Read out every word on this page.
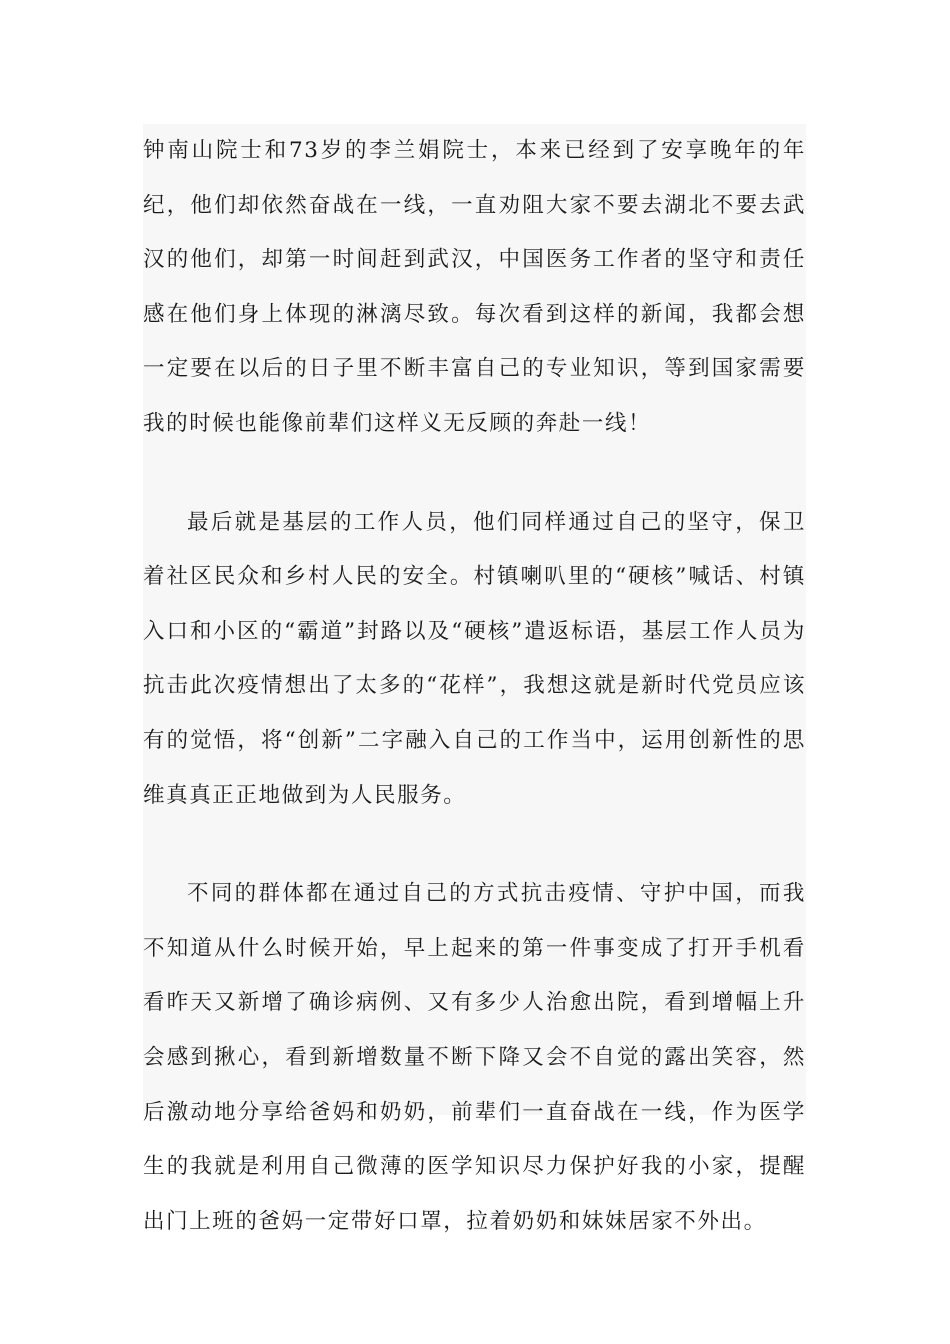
钟南山院士和73岁的李兰娟院士，本来已经到了安享晚年的年纪，他们却依然奋战在一线，一直劝阻大家不要去湖北不要去武汉的他们，却第一时间赶到武汉，中国医务工作者的坚守和责任感在他们身上体现的淋漓尽致。每次看到这样的新闻，我都会想一定要在以后的日子里不断丰富自己的专业知识，等到国家需要我的时候也能像前辈们这样义无反顾的奔赴一线！

最后就是基层的工作人员，他们同样通过自己的坚守，保卫着社区民众和乡村人民的安全。村镇喇叭里的“硬核”喊话、村镇入口和小区的“霸道”封路以及“硬核”遣返标语，基层工作人员为抗击此次疫情想出了太多的“花样”，我想这就是新时代党员应该有的觉悟，将“创新”二字融入自己的工作当中，运用创新性的思维真真正正地做到为人民服务。

不同的群体都在通过自己的方式抗击疫情、守护中国，而我不知道从什么时候开始，早上起来的第一件事变成了打开手机看看昨天又新增了确诊病例、又有多少人治愈出院，看到增幅上升会感到揪心，看到新增数量不断下降又会不自觉的露出笑容，然后激动地分享给爸妈和奶奶，前辈们一直奋战在一线，作为医学生的我就是利用自己微薄的医学知识尽力保护好我的小家，提醒出门上班的爸妈一定带好口罩，拉着奶奶和妹妹居家不外出。
